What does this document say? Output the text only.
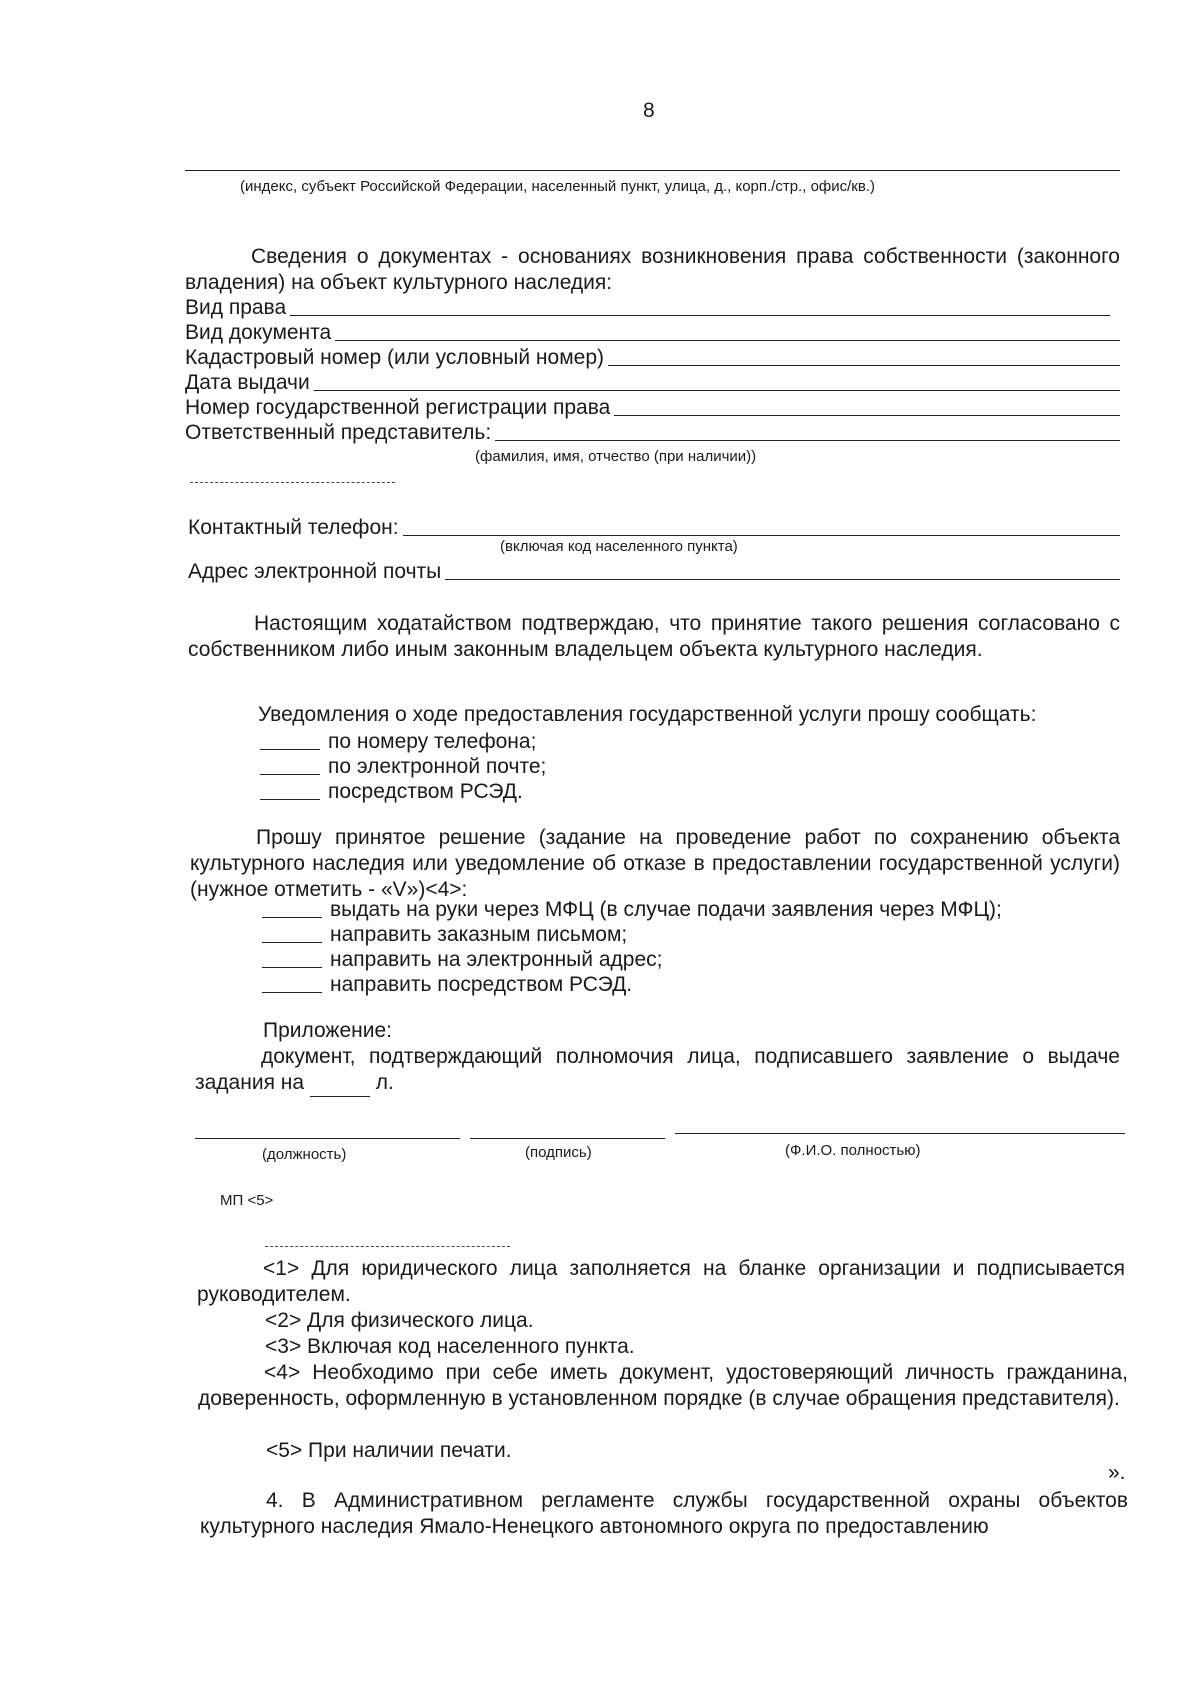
8
(индекс, субъект Российской Федерации, населенный пункт, улица, д., корп./стр., офис/кв.)
Сведения о документах - основаниях возникновения права собственности (законного владения) на объект культурного наследия:
Вид права
Вид документа
Кадастровый номер (или условный номер)
Дата выдачи
Номер государственной регистрации права
Ответственный представитель:
(фамилия, имя, отчество (при наличии))
Контактный телефон:
(включая код населенного пункта)
Адрес электронной почты
Настоящим ходатайством подтверждаю, что принятие такого решения согласовано с собственником либо иным законным владельцем объекта культурного наследия.
Уведомления о ходе предоставления государственной услуги прошу сообщать:
по номеру телефона;
по электронной почте;
посредством РСЭД.
Прошу принятое решение (задание на проведение работ по сохранению объекта культурного наследия или уведомление об отказе в предоставлении государственной услуги) (нужное отметить - «V»)<4>:
выдать на руки через МФЦ (в случае подачи заявления через МФЦ);
направить заказным письмом;
направить на электронный адрес;
направить посредством РСЭД.
Приложение:
документ, подтверждающий полномочия лица, подписавшего заявление о выдаче задания на	л.
(должность)	(подпись)	(Ф.И.О. полностью)
МП <5>
<1> Для юридического лица заполняется на бланке организации и подписывается руководителем.
<2> Для физического лица.
<3> Включая код населенного пункта.
<4> Необходимо при себе иметь документ, удостоверяющий личность гражданина, доверенность, оформленную в установленном порядке (в случае обращения представителя).
<5> При наличии печати.
».
4. В Административном регламенте службы государственной охраны объектов культурного наследия Ямало-Ненецкого автономного округа по предоставлению
